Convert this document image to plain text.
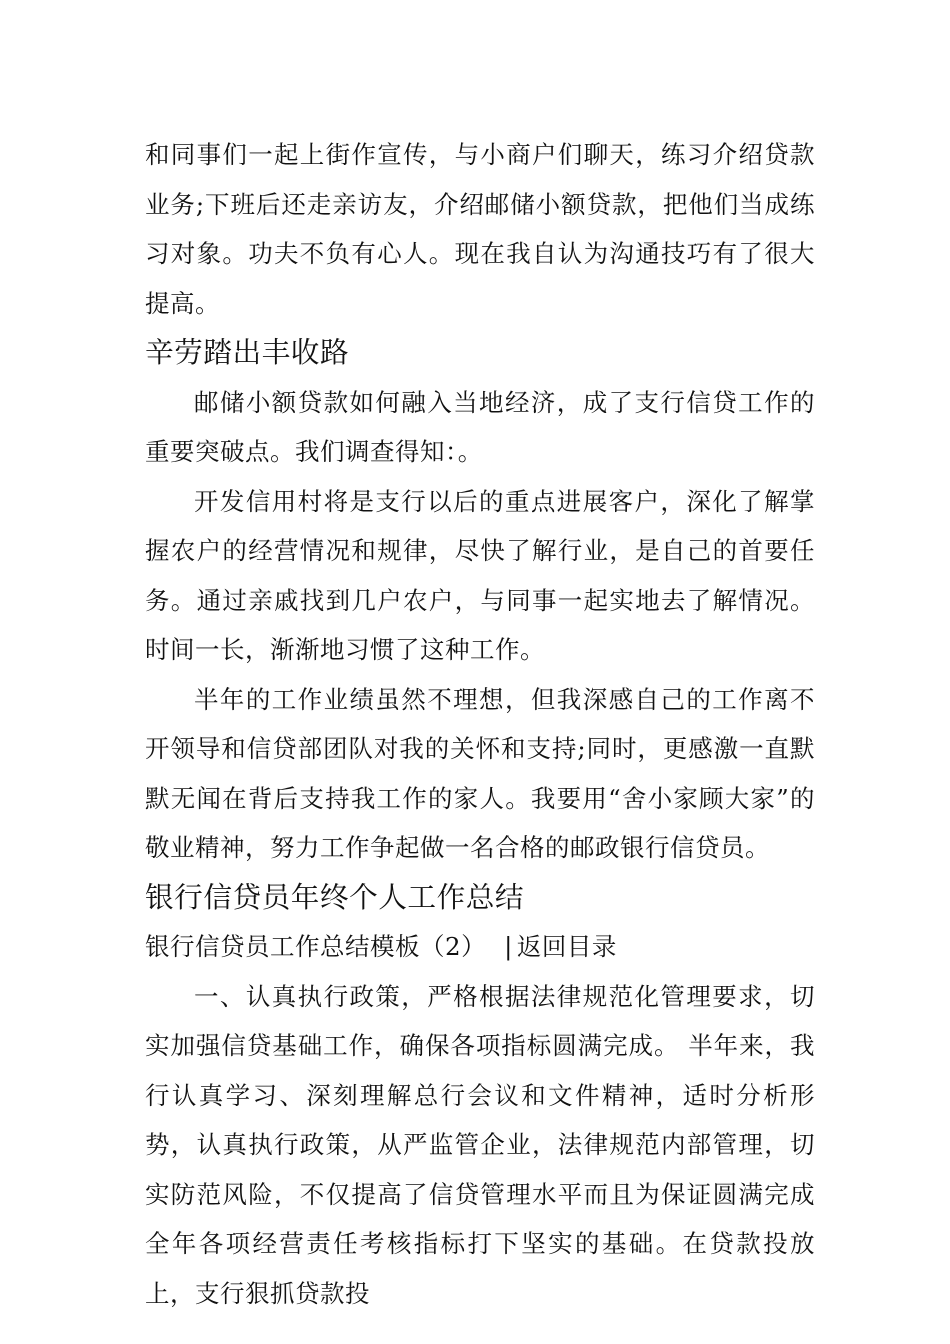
和同事们一起上街作宣传，与小商户们聊天，练习介绍贷款业务;下班后还走亲访友，介绍邮储小额贷款，把他们当成练习对象。功夫不负有心人。现在我自认为沟通技巧有了很大提高。

辛劳踏出丰收路

邮储小额贷款如何融入当地经济，成了支行信贷工作的重要突破点。我们调查得知：。

开发信用村将是支行以后的重点进展客户，深化了解掌握农户的经营情况和规律，尽快了解行业，是自己的首要任务。通过亲戚找到几户农户，与同事一起实地去了解情况。时间一长，渐渐地习惯了这种工作。

半年的工作业绩虽然不理想，但我深感自己的工作离不开领导和信贷部团队对我的关怀和支持;同时，更感激一直默默无闻在背后支持我工作的家人。我要用“舍小家顾大家”的敬业精神，努力工作争起做一名合格的邮政银行信贷员。

银行信贷员年终个人工作总结
银行信贷员工作总结模板（2） | 返回目录

一、认真执行政策，严格根据法律规范化管理要求，切实加强信贷基础工作，确保各项指标圆满完成。 半年来，我行认真学习、深刻理解总行会议和文件精神，适时分析形势，认真执行政策，从严监管企业，法律规范内部管理，切实防范风险，不仅提高了信贷管理水平而且为保证圆满完成全年各项经营责任考核指标打下坚实的基础。在贷款投放上，支行狠抓贷款投
